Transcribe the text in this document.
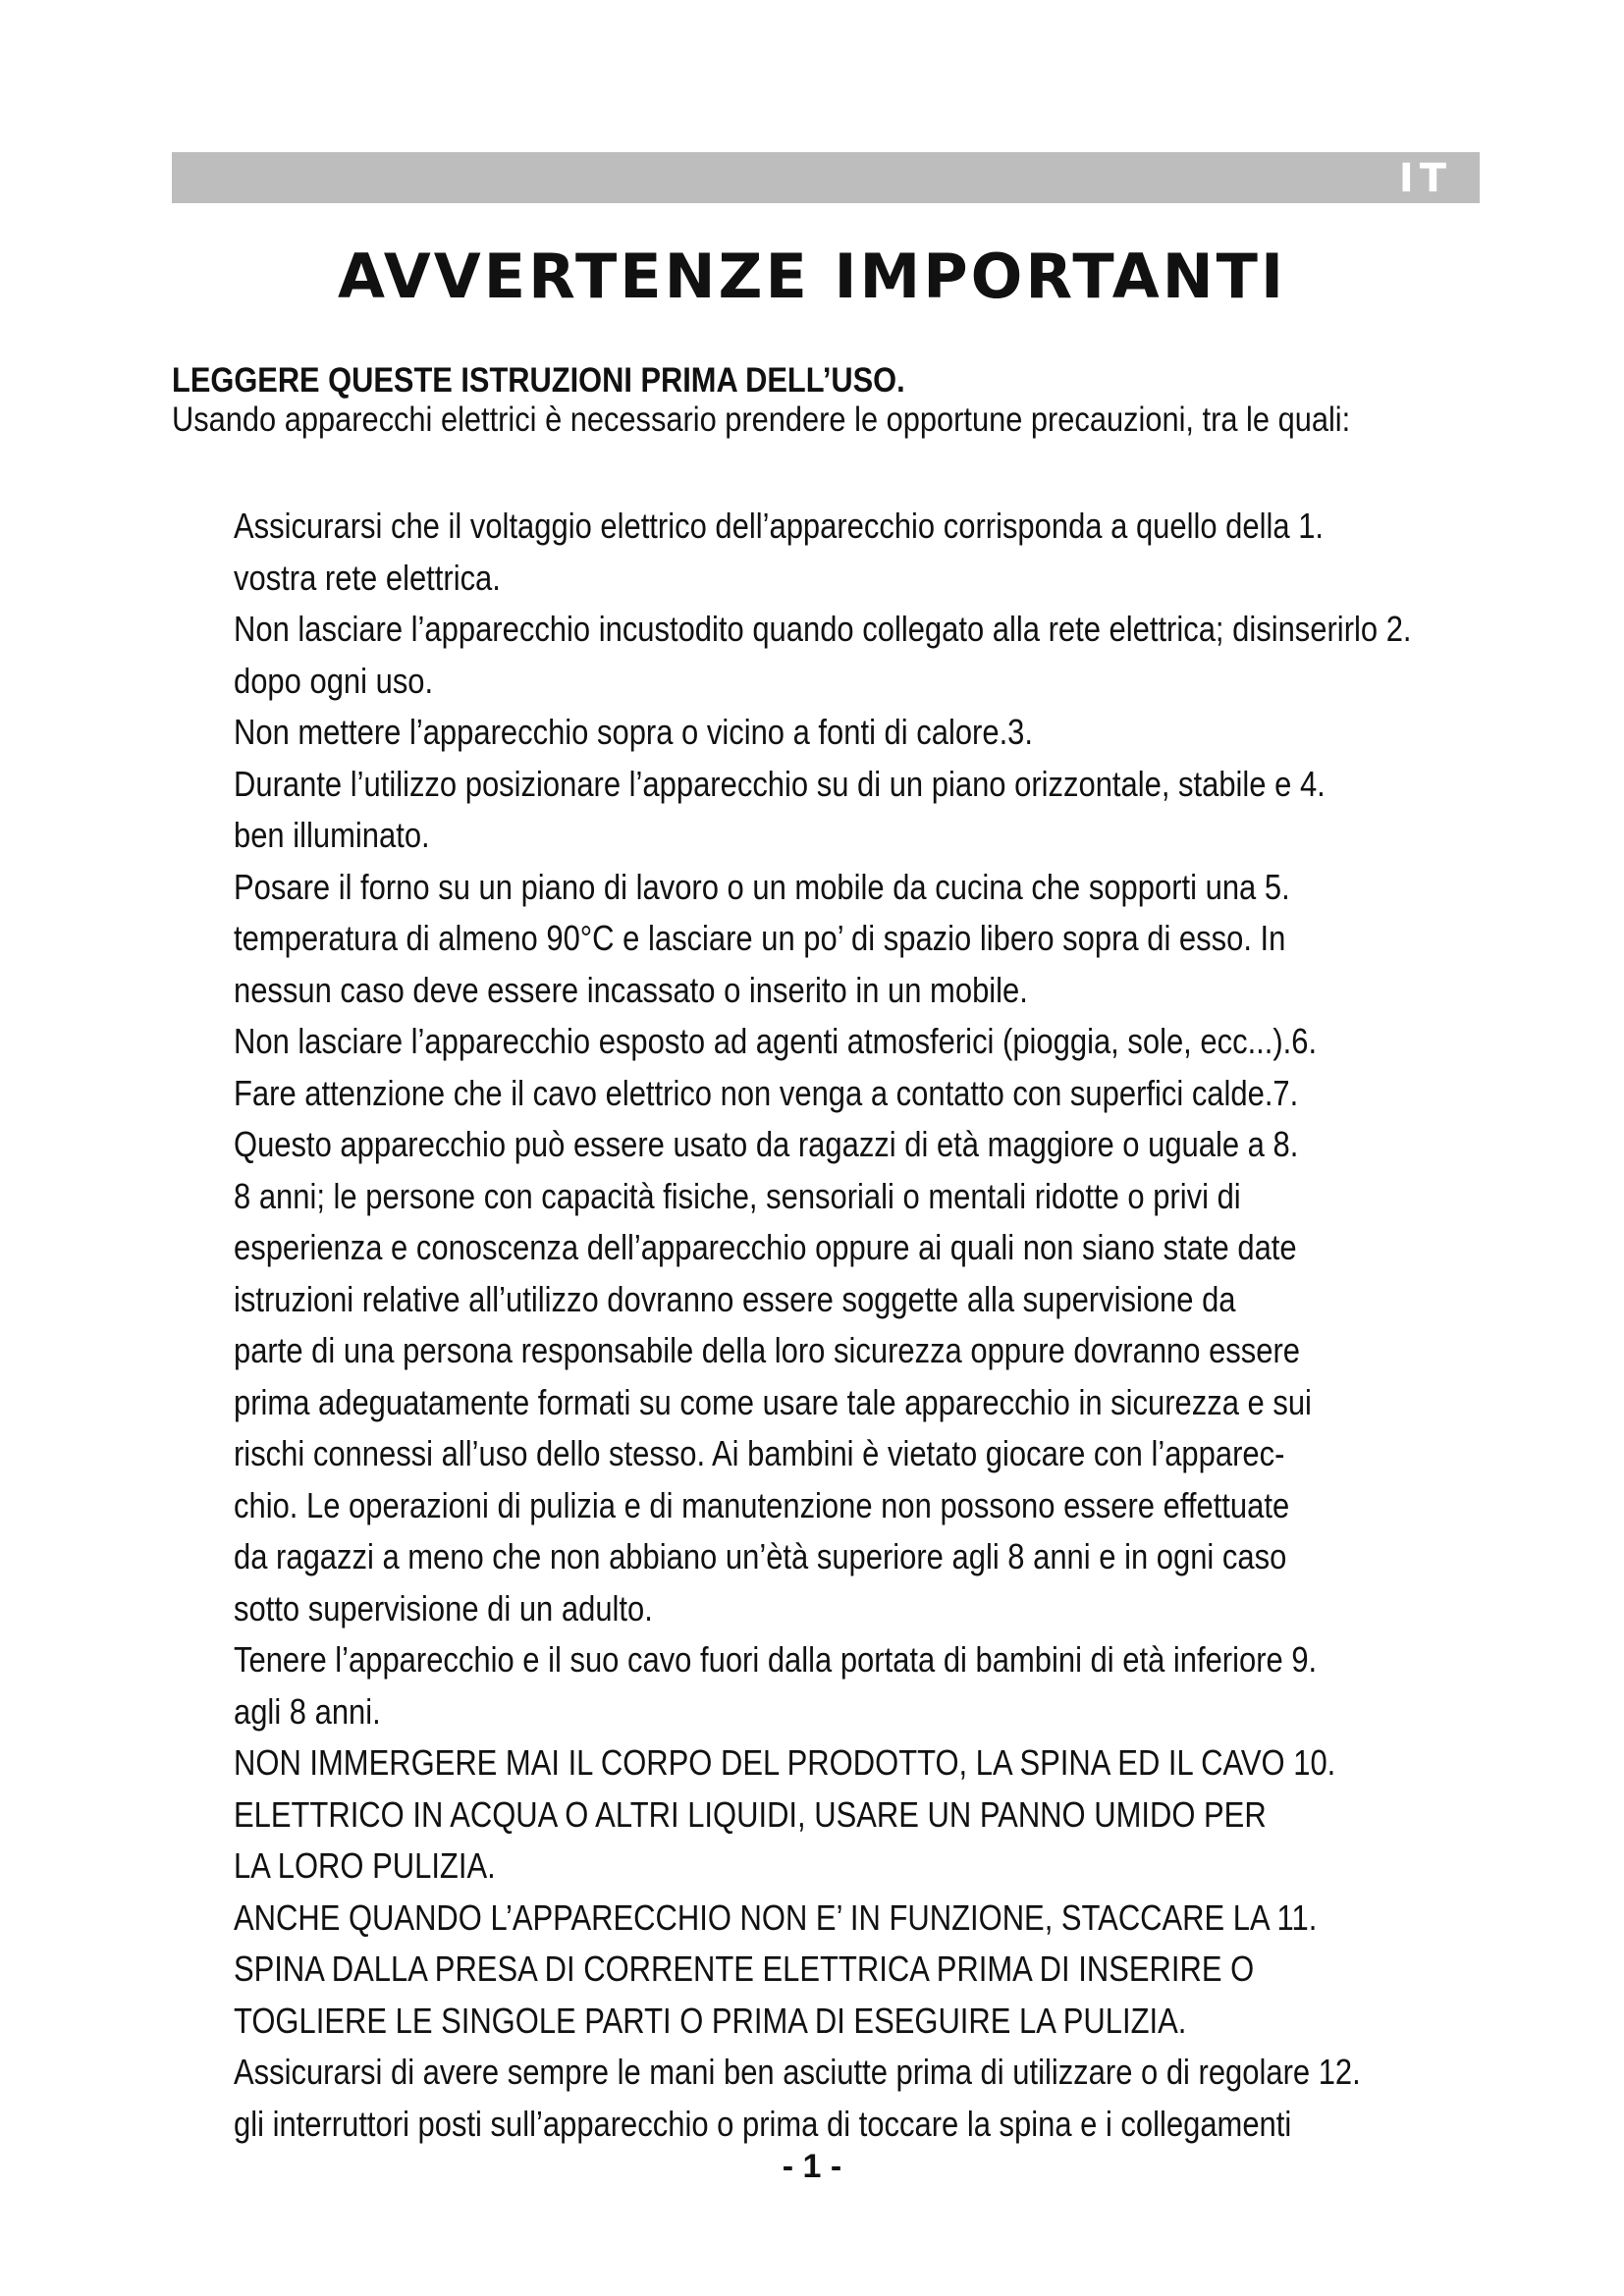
IT
AVVERTENZE IMPORTANTI
LEGGERE QUESTE ISTRUZIONI PRIMA DELL’USO.
Usando apparecchi elettrici è necessario prendere le opportune precauzioni, tra le quali:
Assicurarsi che il voltaggio elettrico dell’apparecchio corrisponda a quello della 1.
vostra rete elettrica.
Non lasciare l’apparecchio incustodito quando collegato alla rete elettrica; disinserirlo 2.
dopo ogni uso.
Non mettere l’apparecchio sopra o vicino a fonti di calore.3.
Durante l’utilizzo posizionare l’apparecchio su di un piano orizzontale, stabile e 4.
ben illuminato.
Posare il forno su un piano di lavoro o un mobile da cucina che sopporti una 5.
temperatura di almeno 90°C e lasciare un po’ di spazio libero sopra di esso. In
nessun caso deve essere incassato o inserito in un mobile.
Non lasciare l’apparecchio esposto ad agenti atmosferici (pioggia, sole, ecc...).6.
Fare attenzione che il cavo elettrico non venga a contatto con superfici calde.7.
Questo apparecchio può essere usato da ragazzi di età maggiore o uguale a 8.
8 anni; le persone con capacità fisiche, sensoriali o mentali ridotte o privi di
esperienza e conoscenza dell’apparecchio oppure ai quali non siano state date
istruzioni relative all’utilizzo dovranno essere soggette alla supervisione da
parte di una persona responsabile della loro sicurezza oppure dovranno essere
prima adeguatamente formati su come usare tale apparecchio in sicurezza e sui
rischi connessi all’uso dello stesso. Ai bambini è vietato giocare con l’apparec-
chio. Le operazioni di pulizia e di manutenzione non possono essere effettuate
da ragazzi a meno che non abbiano un’ètà superiore agli 8 anni e in ogni caso
sotto supervisione di un adulto.
Tenere l’apparecchio e il suo cavo fuori dalla portata di bambini di età inferiore 9.
agli 8 anni.
NON IMMERGERE MAI IL CORPO DEL PRODOTTO, LA SPINA ED IL CAVO 10.
ELETTRICO IN ACQUA O ALTRI LIQUIDI, USARE UN PANNO UMIDO PER
LA LORO PULIZIA.
ANCHE QUANDO L’APPARECCHIO NON E’ IN FUNZIONE, STACCARE LA 11.
SPINA DALLA PRESA DI CORRENTE ELETTRICA PRIMA DI INSERIRE O
TOGLIERE LE SINGOLE PARTI O PRIMA DI ESEGUIRE LA PULIZIA.
Assicurarsi di avere sempre le mani ben asciutte prima di utilizzare o di regolare 12.
gli interruttori posti sull’apparecchio o prima di toccare la spina e i collegamenti
- 1 -
